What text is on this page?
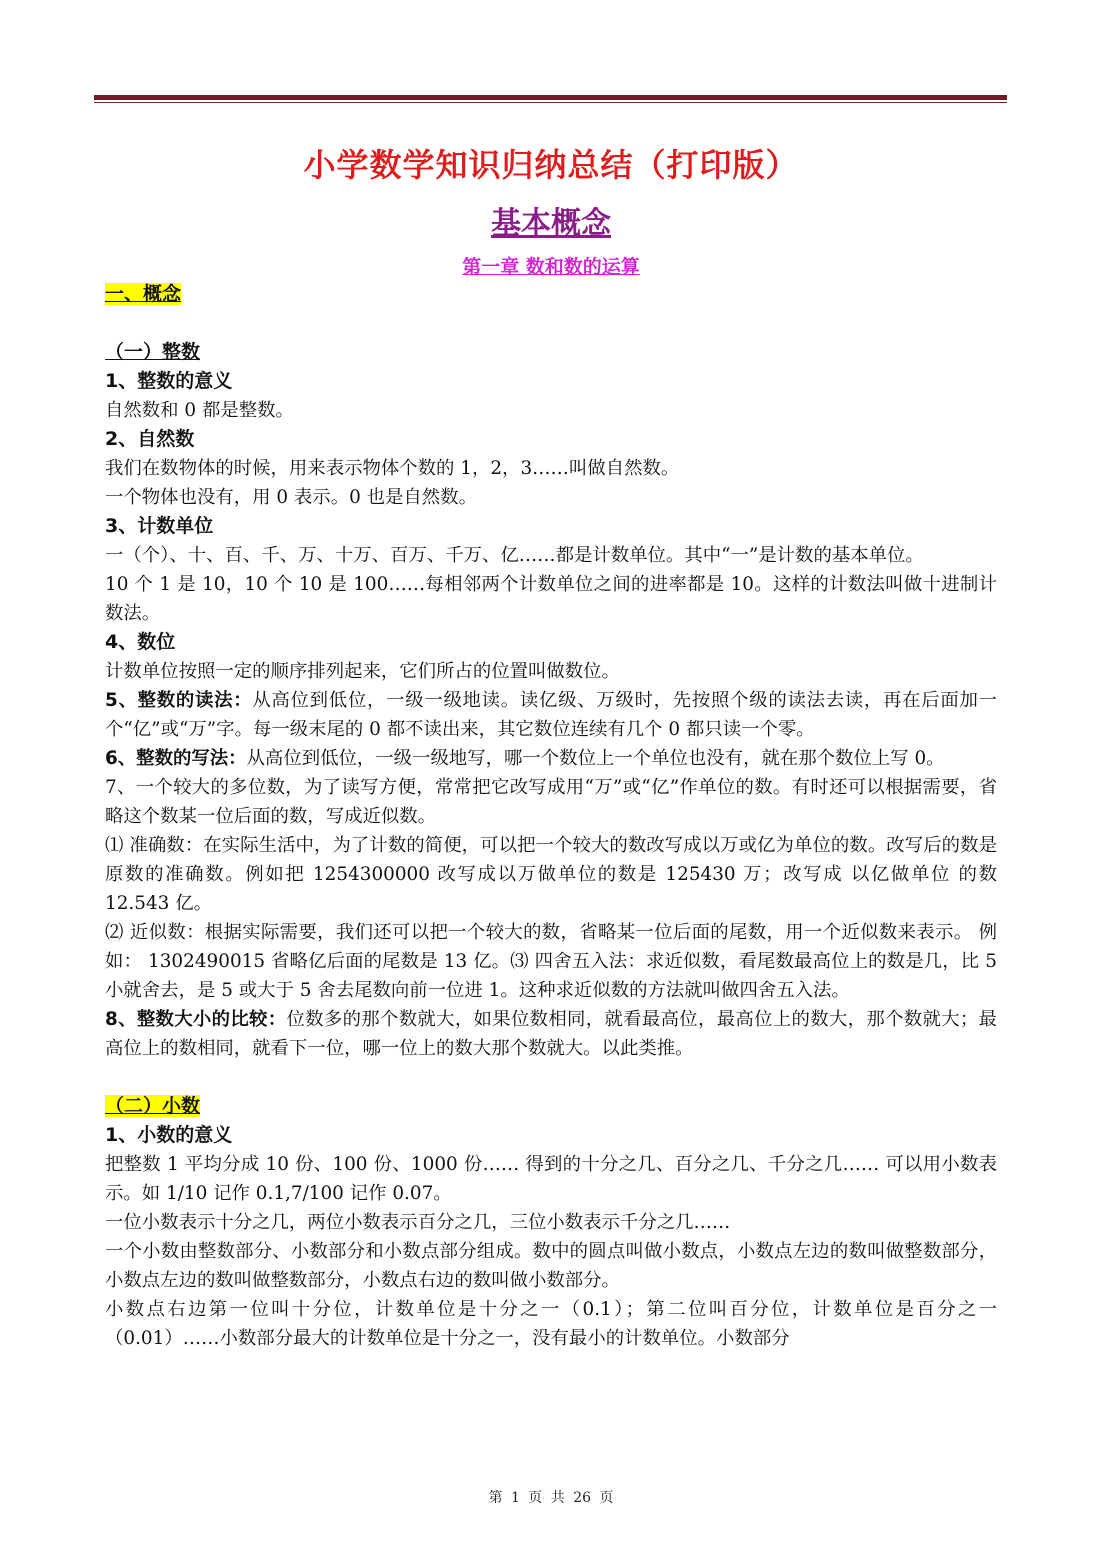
小学数学知识归纳总结（打印版）
基本概念
第一章 数和数的运算

一、概念

（一）整数

1、整数的意义

自然数和 0 都是整数。

2、自然数

我们在数物体的时候，用来表示物体个数的 1，2，3……叫做自然数。

一个物体也没有，用 0 表示。0 也是自然数。

3、计数单位

一（个）、十、百、千、万、十万、百万、千万、亿……都是计数单位。其中“一”是计数的基本单位。

10 个 1 是 10，10 个 10 是 100……每相邻两个计数单位之间的进率都是 10。这样的计数法叫做十进制计数法。

4、数位

计数单位按照一定的顺序排列起来，它们所占的位置叫做数位。

5、整数的读法：从高位到低位，一级一级地读。读亿级、万级时，先按照个级的读法去读，再在后面加一个“亿”或“万”字。每一级末尾的 0 都不读出来，其它数位连续有几个 0 都只读一个零。

6、整数的写法：从高位到低位，一级一级地写，哪一个数位上一个单位也没有，就在那个数位上写 0。

7、一个较大的多位数，为了读写方便，常常把它改写成用“万”或“亿”作单位的数。有时还可以根据需要，省略这个数某一位后面的数，写成近似数。

⑴ 准确数：在实际生活中，为了计数的简便，可以把一个较大的数改写成以万或亿为单位的数。改写后的数是原数的准确数。例如把 1254300000 改写成以万做单位的数是 125430 万；改写成 以亿做单位 的数 12.543 亿。

⑵ 近似数：根据实际需要，我们还可以把一个较大的数，省略某一位后面的尾数，用一个近似数来表示。 例如： 1302490015 省略亿后面的尾数是 13 亿。⑶ 四舍五入法：求近似数，看尾数最高位上的数是几，比 5 小就舍去，是 5 或大于 5 舍去尾数向前一位进 1。这种求近似数的方法就叫做四舍五入法。

8、整数大小的比较：位数多的那个数就大，如果位数相同，就看最高位，最高位上的数大，那个数就大；最高位上的数相同，就看下一位，哪一位上的数大那个数就大。以此类推。

（二）小数

1、小数的意义

把整数 1 平均分成 10 份、100 份、1000 份…… 得到的十分之几、百分之几、千分之几…… 可以用小数表示。如 1/10 记作 0.1,7/100 记作 0.07。

一位小数表示十分之几，两位小数表示百分之几，三位小数表示千分之几……

一个小数由整数部分、小数部分和小数点部分组成。数中的圆点叫做小数点，小数点左边的数叫做整数部分，小数点左边的数叫做整数部分，小数点右边的数叫做小数部分。

小数点右边第一位叫十分位，计数单位是十分之一（0.1）；第二位叫百分位，计数单位是百分之一（0.01）……小数部分最大的计数单位是十分之一，没有最小的计数单位。小数部分

第 1 页 共 26 页
